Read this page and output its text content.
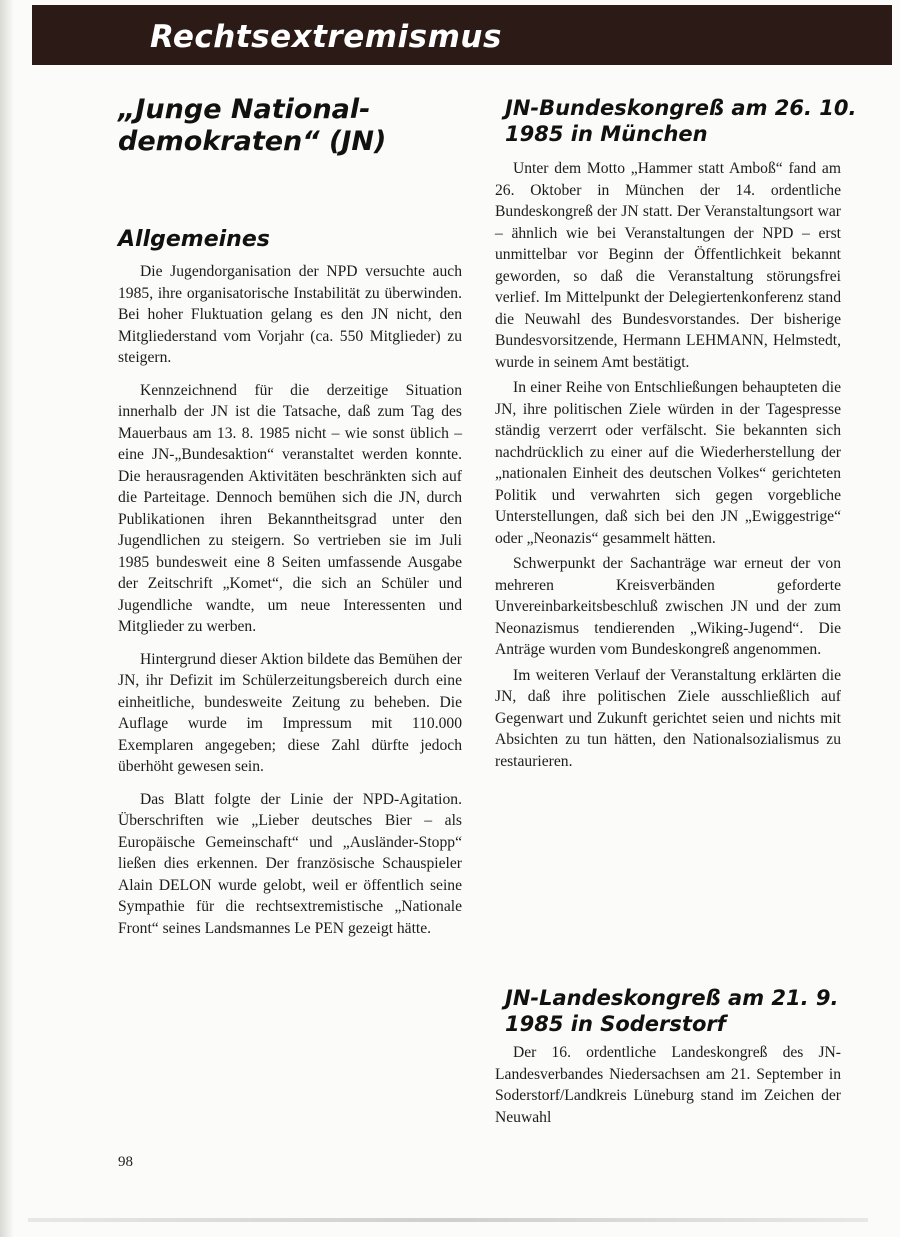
Rechtsextremismus
„Junge National-demokraten“ (JN)
Allgemeines

Die Jugendorganisation der NPD versuchte auch 1985, ihre organisatorische Instabilität zu überwinden. Bei hoher Fluktuation gelang es den JN nicht, den Mitgliederstand vom Vorjahr (ca. 550 Mitglieder) zu steigern.

Kennzeichnend für die derzeitige Situation innerhalb der JN ist die Tatsache, daß zum Tag des Mauerbaus am 13. 8. 1985 nicht – wie sonst üblich – eine JN-„Bundesaktion“ veranstaltet werden konnte. Die herausragenden Aktivitäten beschränkten sich auf die Parteitage. Dennoch bemühen sich die JN, durch Publikationen ihren Bekanntheitsgrad unter den Jugendlichen zu steigern. So vertrieben sie im Juli 1985 bundesweit eine 8 Seiten umfassende Ausgabe der Zeitschrift „Komet“, die sich an Schüler und Jugendliche wandte, um neue Interessenten und Mitglieder zu werben.

Hintergrund dieser Aktion bildete das Bemühen der JN, ihr Defizit im Schülerzeitungsbereich durch eine einheitliche, bundesweite Zeitung zu beheben. Die Auflage wurde im Impressum mit 110.000 Exemplaren angegeben; diese Zahl dürfte jedoch überhöht gewesen sein.

Das Blatt folgte der Linie der NPD-Agitation. Überschriften wie „Lieber deutsches Bier – als Europäische Gemeinschaft“ und „Ausländer-Stopp“ ließen dies erkennen. Der französische Schauspieler Alain DELON wurde gelobt, weil er öffentlich seine Sympathie für die rechtsextremistische „Nationale Front“ seines Landsmannes Le PEN gezeigt hätte.

JN-Bundeskongreß am 26. 10. 1985 in München

Unter dem Motto „Hammer statt Amboß“ fand am 26. Oktober in München der 14. ordentliche Bundeskongreß der JN statt. Der Veranstaltungsort war – ähnlich wie bei Veranstaltungen der NPD – erst unmittelbar vor Beginn der Öffentlichkeit bekannt geworden, so daß die Veranstaltung störungsfrei verlief. Im Mittelpunkt der Delegiertenkonferenz stand die Neuwahl des Bundesvorstandes. Der bisherige Bundesvorsitzende, Hermann LEHMANN, Helmstedt, wurde in seinem Amt bestätigt.

In einer Reihe von Entschließungen behaupteten die JN, ihre politischen Ziele würden in der Tagespresse ständig verzerrt oder verfälscht. Sie bekannten sich nachdrücklich zu einer auf die Wiederherstellung der „nationalen Einheit des deutschen Volkes“ gerichteten Politik und verwahrten sich gegen vorgebliche Unterstellungen, daß sich bei den JN „Ewiggestrige“ oder „Neonazis“ gesammelt hätten.

Schwerpunkt der Sachanträge war erneut der von mehreren Kreisverbänden geforderte Unvereinbarkeitsbeschluß zwischen JN und der zum Neonazismus tendierenden „Wiking-Jugend“. Die Anträge wurden vom Bundeskongreß angenommen.

Im weiteren Verlauf der Veranstaltung erklärten die JN, daß ihre politischen Ziele ausschließlich auf Gegenwart und Zukunft gerichtet seien und nichts mit Absichten zu tun hätten, den Nationalsozialismus zu restaurieren.

JN-Landeskongreß am 21. 9. 1985 in Soderstorf

Der 16. ordentliche Landeskongreß des JN-Landesverbandes Niedersachsen am 21. September in Soderstorf/Landkreis Lüneburg stand im Zeichen der Neuwahl

98
